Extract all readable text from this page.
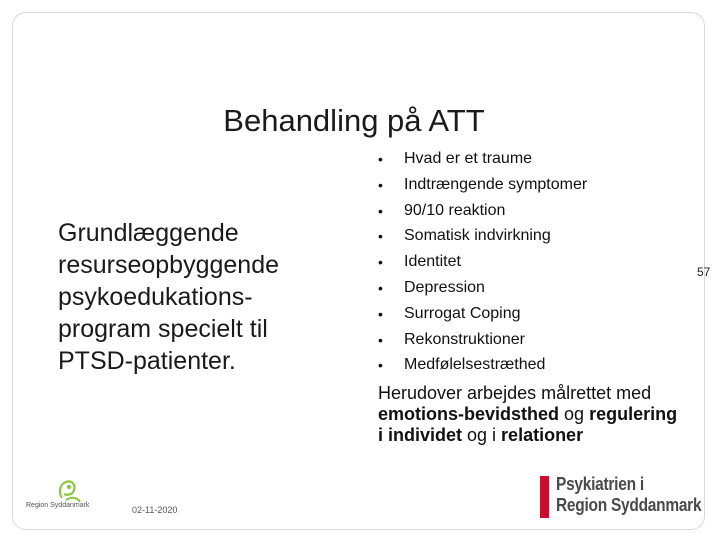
Behandling på ATT
Grundlæggende
resurseopbyggende
psykoedukations-
program specielt til
PTSD-patienter.
• Hvad er et traume
• Indtrængende symptomer
• 90/10 reaktion
• Somatisk indvirkning
• Identitet
• Depression
• Surrogat Coping
• Rekonstruktioner
• Medfølelsestræthed
Herudover arbejdes målrettet med emotions-bevidsthed og regulering i individet og i relationer
57
Region Syddanmark	02-11-2020
Psykiatrien i
Region Syddanmark
